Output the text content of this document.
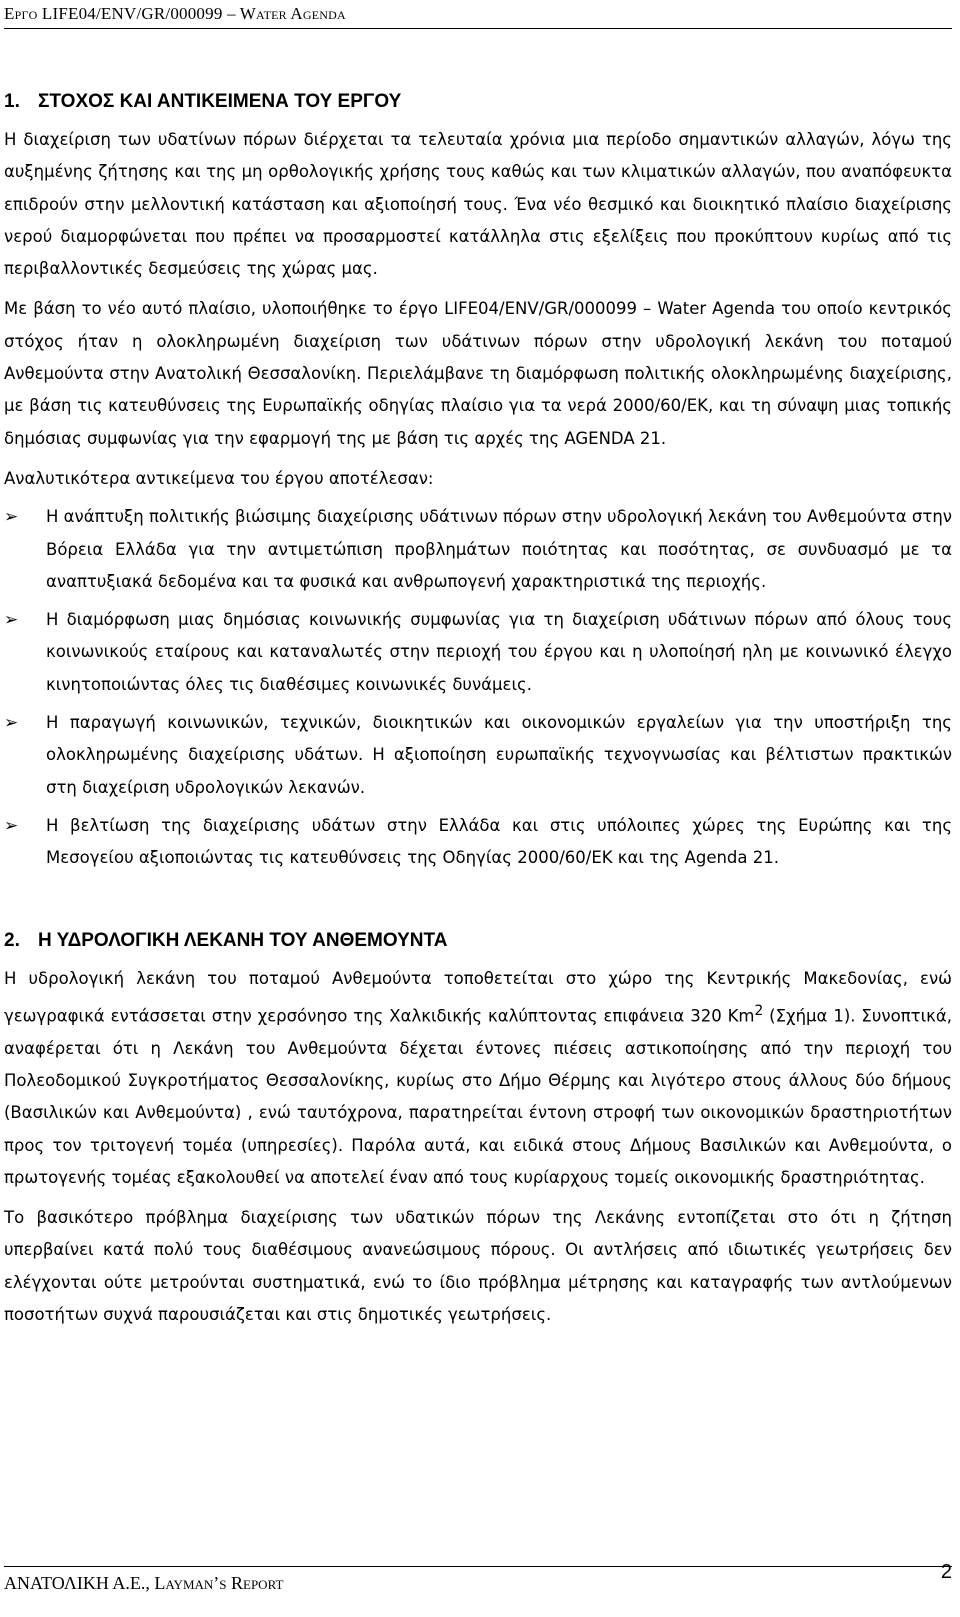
Εργο LIFE04/ENV/GR/000099 – Water Agenda
1. ΣΤΟΧΟΣ ΚΑΙ ΑΝΤΙΚΕΙΜΕΝΑ ΤΟΥ ΕΡΓΟΥ

Η διαχείριση των υδατίνων πόρων διέρχεται τα τελευταία χρόνια μια περίοδο σημαντικών αλλαγών, λόγω της αυξημένης ζήτησης και της μη ορθολογικής χρήσης τους καθώς και των κλιματικών αλλαγών, που αναπόφευκτα επιδρούν στην μελλοντική κατάσταση και αξιοποίησή τους. Ένα νέο θεσμικό και διοικητικό πλαίσιο διαχείρισης νερού διαμορφώνεται που πρέπει να προσαρμοστεί κατάλληλα στις εξελίξεις που προκύπτουν κυρίως από τις περιβαλλοντικές δεσμεύσεις της χώρας μας.

Με βάση το νέο αυτό πλαίσιο, υλοποιήθηκε το έργο LIFE04/ENV/GR/000099 – Water Agenda του οποίο κεντρικός στόχος ήταν η ολοκληρωμένη διαχείριση των υδάτινων πόρων στην υδρολογική λεκάνη του ποταμού Ανθεμούντα στην Ανατολική Θεσσαλονίκη. Περιελάμβανε τη διαμόρφωση πολιτικής ολοκληρωμένης διαχείρισης, με βάση τις κατευθύνσεις της Ευρωπαϊκής οδηγίας πλαίσιο για τα νερά 2000/60/ΕΚ, και τη σύναψη μιας τοπικής δημόσιας συμφωνίας για την εφαρμογή της με βάση τις αρχές της AGENDA 21.

Αναλυτικότερα αντικείμενα του έργου αποτέλεσαν:

➢ Η ανάπτυξη πολιτικής βιώσιμης διαχείρισης υδάτινων πόρων στην υδρολογική λεκάνη του Ανθεμούντα στην Βόρεια Ελλάδα για την αντιμετώπιση προβλημάτων ποιότητας και ποσότητας, σε συνδυασμό με τα αναπτυξιακά δεδομένα και τα φυσικά και ανθρωπογενή χαρακτηριστικά της περιοχής.
➢ Η διαμόρφωση μιας δημόσιας κοινωνικής συμφωνίας για τη διαχείριση υδάτινων πόρων από όλους τους κοινωνικούς εταίρους και καταναλωτές στην περιοχή του έργου και η υλοποίησή ηλη με κοινωνικό έλεγχο κινητοποιώντας όλες τις διαθέσιμες κοινωνικές δυνάμεις.
➢ Η παραγωγή κοινωνικών, τεχνικών, διοικητικών και οικονομικών εργαλείων για την υποστήριξη της ολοκληρωμένης διαχείρισης υδάτων. Η αξιοποίηση ευρωπαϊκής τεχνογνωσίας και βέλτιστων πρακτικών στη διαχείριση υδρολογικών λεκανών.
➢ Η βελτίωση της διαχείρισης υδάτων στην Ελλάδα και στις υπόλοιπες χώρες της Ευρώπης και της Μεσογείου αξιοποιώντας τις κατευθύνσεις της Οδηγίας 2000/60/ΕΚ και της Agenda 21.
2. Η ΥΔΡΟΛΟΓΙΚΗ ΛΕΚΑΝΗ ΤΟΥ ΑΝΘΕΜΟΥΝΤΑ

Η υδρολογική λεκάνη του ποταμού Ανθεμούντα τοποθετείται στο χώρο της Κεντρικής Μακεδονίας, ενώ γεωγραφικά εντάσσεται στην χερσόνησο της Χαλκιδικής καλύπτοντας επιφάνεια 320 Km$^2$ (Σχήμα 1). Συνοπτικά, αναφέρεται ότι η Λεκάνη του Ανθεμούντα δέχεται έντονες πιέσεις αστικοποίησης από την περιοχή του Πολεοδομικού Συγκροτήματος Θεσσαλονίκης, κυρίως στο Δήμο Θέρμης και λιγότερο στους άλλους δύο δήμους (Βασιλικών και Ανθεμούντα) , ενώ ταυτόχρονα, παρατηρείται έντονη στροφή των οικονομικών δραστηριοτήτων προς τον τριτογενή τομέα (υπηρεσίες). Παρόλα αυτά, και ειδικά στους Δήμους Βασιλικών και Ανθεμούντα, ο πρωτογενής τομέας εξακολουθεί να αποτελεί έναν από τους κυρίαρχους τομείς οικονομικής δραστηριότητας.

Το βασικότερο πρόβλημα διαχείρισης των υδατικών πόρων της Λεκάνης εντοπίζεται στο ότι η ζήτηση υπερβαίνει κατά πολύ τους διαθέσιμους ανανεώσιμους πόρους. Οι αντλήσεις από ιδιωτικές γεωτρήσεις δεν ελέγχονται ούτε μετρούνται συστηματικά, ενώ το ίδιο πρόβλημα μέτρησης και καταγραφής των αντλούμενων ποσοτήτων συχνά παρουσιάζεται και στις δημοτικές γεωτρήσεις.

ΑΝΑΤΟΛΙΚΗ Α.Ε., Layman’s Report	2
